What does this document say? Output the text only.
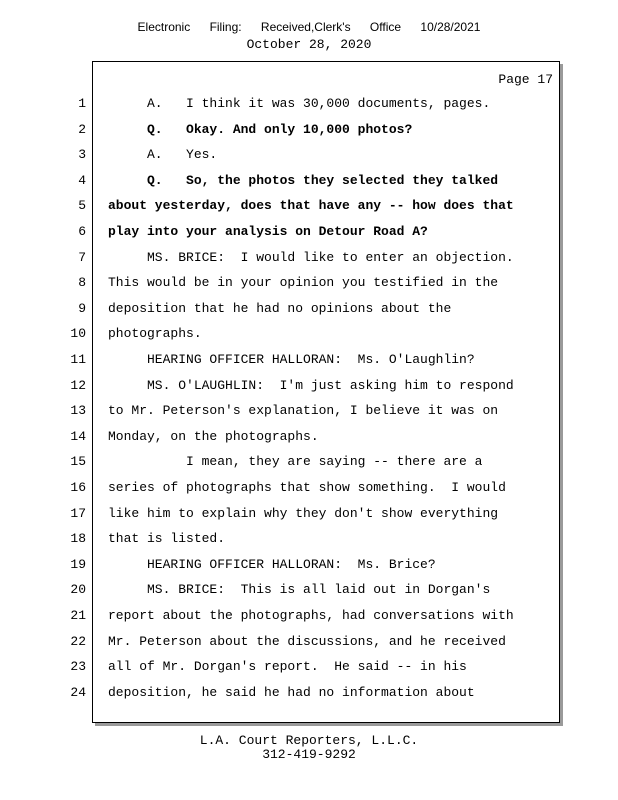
Electronic Filing: Received,Clerk's Office 10/28/2021
October 28, 2020
Page 17
1 A.   I think it was 30,000 documents, pages.
2 Q.   Okay. And only 10,000 photos?
3 A.   Yes.
4 Q.   So, the photos they selected they talked
5 about yesterday, does that have any -- how does that
6 play into your analysis on Detour Road A?
7 MS. BRICE:  I would like to enter an objection.
8 This would be in your opinion you testified in the
9 deposition that he had no opinions about the
10 photographs.
11 HEARING OFFICER HALLORAN:  Ms. O'Laughlin?
12 MS. O'LAUGHLIN:  I'm just asking him to respond
13 to Mr. Peterson's explanation, I believe it was on
14 Monday, on the photographs.
15 I mean, they are saying -- there are a
16 series of photographs that show something.  I would
17 like him to explain why they don't show everything
18 that is listed.
19 HEARING OFFICER HALLORAN:  Ms. Brice?
20 MS. BRICE:  This is all laid out in Dorgan's
21 report about the photographs, had conversations with
22 Mr. Peterson about the discussions, and he received
23 all of Mr. Dorgan's report.  He said -- in his
24 deposition, he said he had no information about
L.A. Court Reporters, L.L.C.
312-419-9292
